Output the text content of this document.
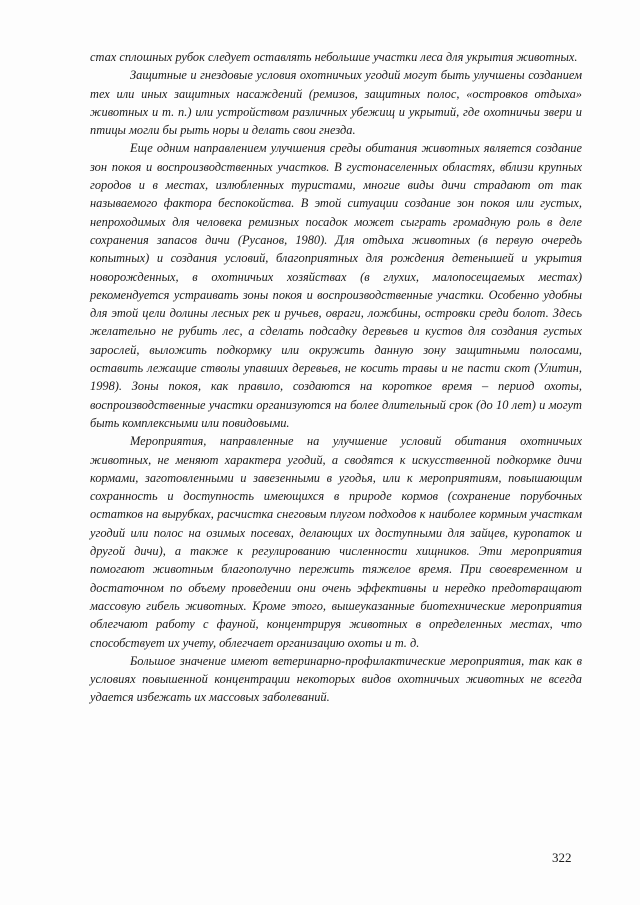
стах сплошных рубок следует оставлять небольшие участки леса для укрытия животных.

Защитные и гнездовые условия охотничьих угодий могут быть улучшены созданием тех или иных защитных насаждений (ремизов, защитных полос, «островков отдыха» животных и т. п.) или устройством различных убежищ и укрытий, где охотничьи звери и птицы могли бы рыть норы и делать свои гнезда.

Еще одним направлением улучшения среды обитания животных является создание зон покоя и воспроизводственных участков. В густонаселенных областях, вблизи крупных городов и в местах, излюбленных туристами, многие виды дичи страдают от так называемого фактора беспокойства. В этой ситуации создание зон покоя или густых, непроходимых для человека ремизных посадок может сыграть громадную роль в деле сохранения запасов дичи (Русанов, 1980). Для отдыха животных (в первую очередь копытных) и создания условий, благоприятных для рождения детенышей и укрытия новорожденных, в охотничьих хозяйствах (в глухих, малопосещаемых местах) рекомендуется устраивать зоны покоя и воспроизводственные участки. Особенно удобны для этой цели долины лесных рек и ручьев, овраги, ложбины, островки среди болот. Здесь желательно не рубить лес, а сделать подсадку деревьев и кустов для создания густых зарослей, выложить подкормку или окружить данную зону защитными полосами, оставить лежащие стволы упавших деревьев, не косить травы и не пасти скот (Улитин, 1998). Зоны покоя, как правило, создаются на короткое время – период охоты, воспроизводственные участки организуются на более длительный срок (до 10 лет) и могут быть комплексными или повидовыми.

Мероприятия, направленные на улучшение условий обитания охотничьих животных, не меняют характера угодий, а сводятся к искусственной подкормке дичи кормами, заготовленными и завезенными в угодья, или к мероприятиям, повышающим сохранность и доступность имеющихся в природе кормов (сохранение порубочных остатков на вырубках, расчистка снеговым плугом подходов к наиболее кормным участкам угодий или полос на озимых посевах, делающих их доступными для зайцев, куропаток и другой дичи), а также к регулированию численности хищников. Эти мероприятия помогают животным благополучно пережить тяжелое время. При своевременном и достаточном по объему проведении они очень эффективны и нередко предотвращают массовую гибель животных. Кроме этого, вышеуказанные биотехнические мероприятия облегчают работу с фауной, концентрируя животных в определенных местах, что способствует их учету, облегчает организацию охоты и т. д.

Большое значение имеют ветеринарно-профилактические мероприятия, так как в условиях повышенной концентрации некоторых видов охотничьих животных не всегда удается избежать их массовых заболеваний.

322
